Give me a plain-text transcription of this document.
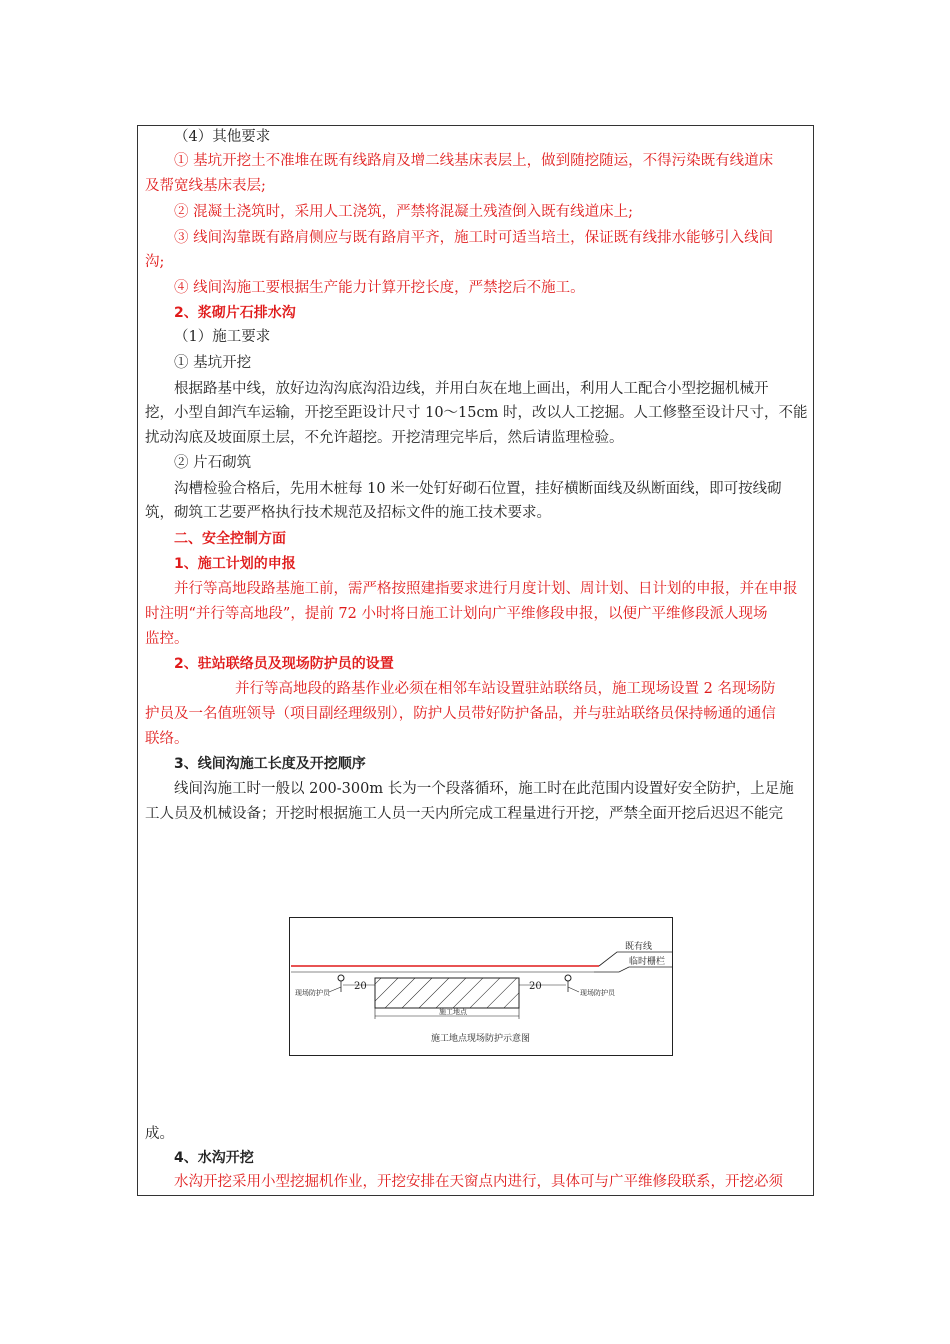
（4）其他要求
① 基坑开挖土不准堆在既有线路肩及增二线基床表层上，做到随挖随运，不得污染既有线道床
及帮宽线基床表层;
② 混凝土浇筑时，采用人工浇筑，严禁将混凝土残渣倒入既有线道床上;
③ 线间沟靠既有路肩侧应与既有路肩平齐，施工时可适当培土，保证既有线排水能够引入线间
沟;
④ 线间沟施工要根据生产能力计算开挖长度，严禁挖后不施工。
2、浆砌片石排水沟
（1）施工要求
① 基坑开挖
根据路基中线，放好边沟沟底沟沿边线，并用白灰在地上画出，利用人工配合小型挖掘机械开
挖，小型自卸汽车运输，开挖至距设计尺寸 10～15cm 时，改以人工挖掘。人工修整至设计尺寸，不能
扰动沟底及坡面原土层，不允许超挖。开挖清理完毕后，然后请监理检验。
② 片石砌筑
沟槽检验合格后，先用木桩每 10 米一处钉好砌石位置，挂好横断面线及纵断面线，即可按线砌
筑，砌筑工艺要严格执行技术规范及招标文件的施工技术要求。
二、安全控制方面
1、施工计划的申报
并行等高地段路基施工前，需严格按照建指要求进行月度计划、周计划、日计划的申报，并在申报
时注明“并行等高地段”，提前 72 小时将日施工计划向广平维修段申报，以便广平维修段派人现场
监控。
2、驻站联络员及现场防护员的设置
并行等高地段的路基作业必须在相邻车站设置驻站联络员，施工现场设置 2 名现场防
护员及一名值班领导（项目副经理级别），防护人员带好防护备品，并与驻站联络员保持畅通的通信
联络。
3、线间沟施工长度及开挖顺序
线间沟施工时一般以 200-300m 长为一个段落循环，施工时在此范围内设置好安全防护，上足施
工人员及机械设备；开挖时根据施工人员一天内所完成工程量进行开挖，严禁全面开挖后迟迟不能完
既有线
临时栅栏
现场防护员	现场防护员
20	20
施工地点
施工地点现场防护示意图
成。
4、水沟开挖
水沟开挖采用小型挖掘机作业，开挖安排在天窗点内进行，具体可与广平维修段联系，开挖必须
